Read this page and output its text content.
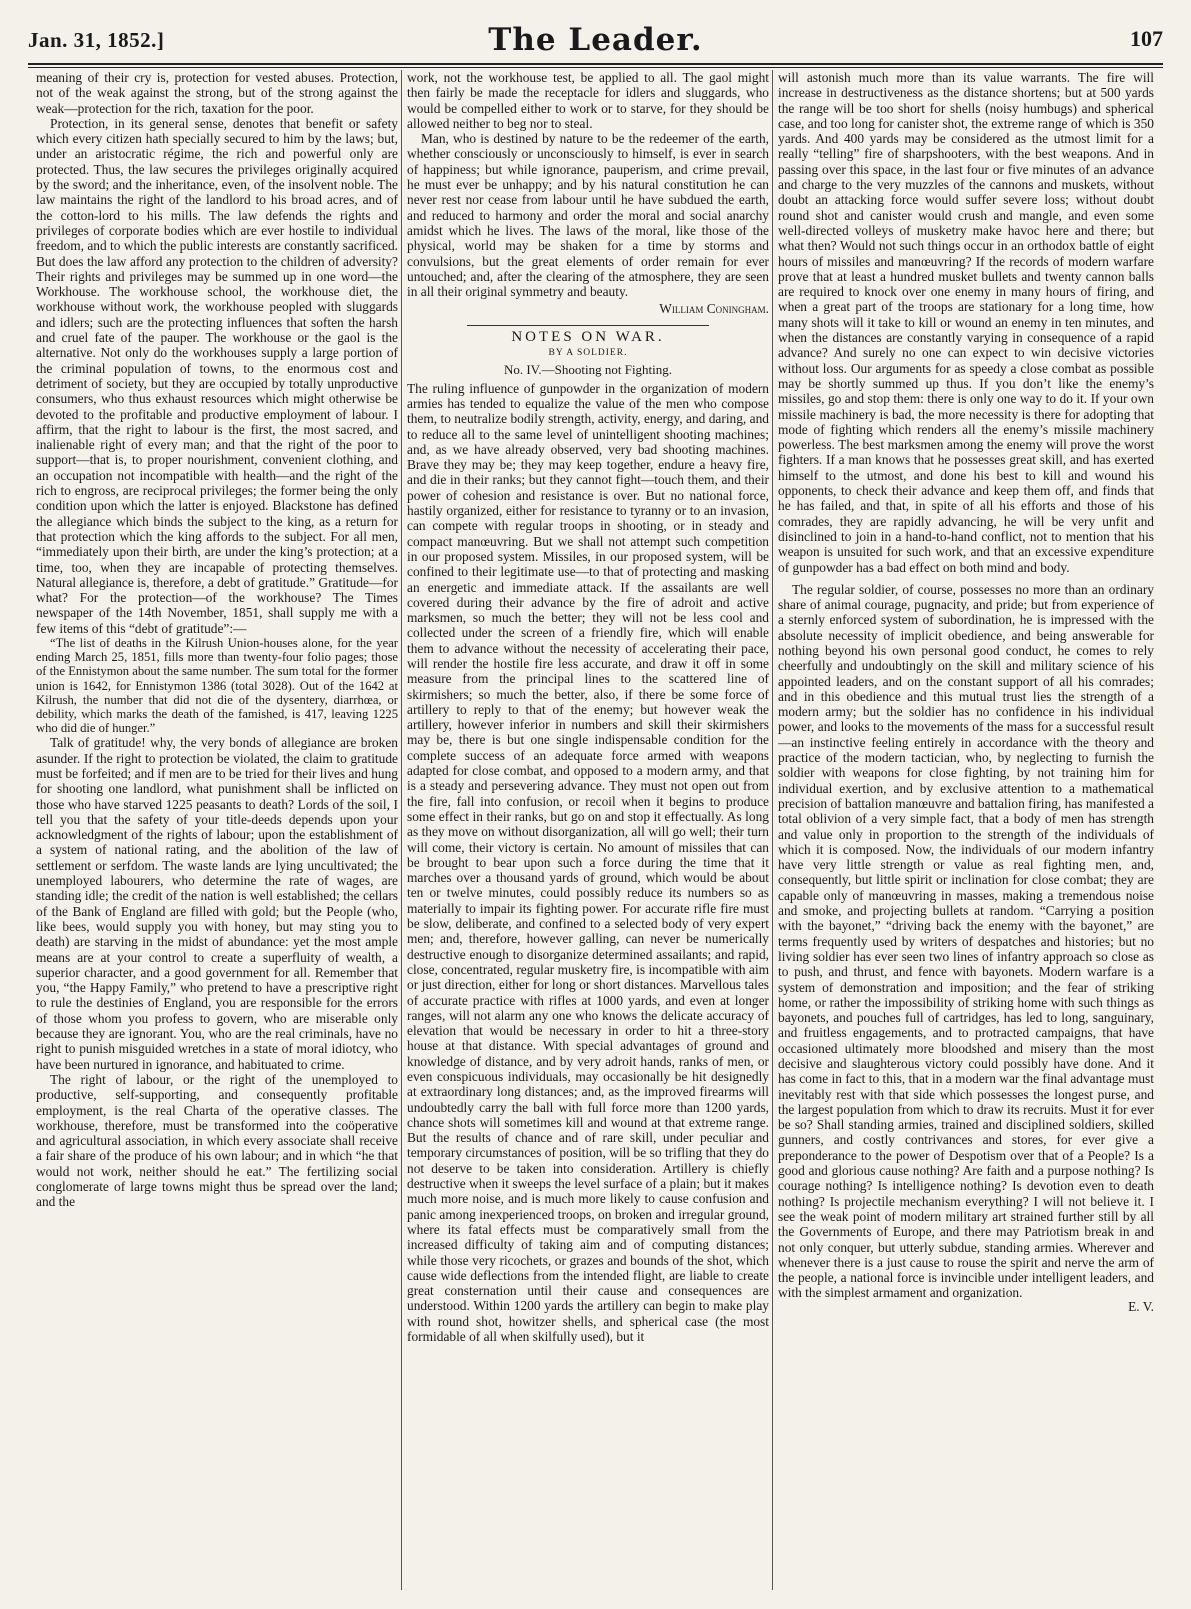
Jan. 31, 1852.]	The Leader.	107

meaning of their cry is, protection for vested abuses. Protection, not of the weak against the strong, but of the strong against the weak—protection for the rich, taxation for the poor.

Protection, in its general sense, denotes that benefit or safety which every citizen hath specially secured to him by the laws; but, under an aristocratic régime, the rich and powerful only are protected. Thus, the law secures the privileges originally acquired by the sword; and the inheritance, even, of the insolvent noble. The law maintains the right of the landlord to his broad acres, and of the cotton-lord to his mills. The law defends the rights and privileges of corporate bodies which are ever hostile to individual freedom, and to which the public interests are constantly sacrificed. But does the law afford any protection to the children of adversity? Their rights and privileges may be summed up in one word—the Workhouse. The workhouse school, the workhouse diet, the workhouse without work, the workhouse peopled with sluggards and idlers; such are the protecting influences that soften the harsh and cruel fate of the pauper. The workhouse or the gaol is the alternative. Not only do the workhouses supply a large portion of the criminal population of towns, to the enormous cost and detriment of society, but they are occupied by totally unproductive consumers, who thus exhaust resources which might otherwise be devoted to the profitable and productive employment of labour. I affirm, that the right to labour is the first, the most sacred, and inalienable right of every man; and that the right of the poor to support—that is, to proper nourishment, convenient clothing, and an occupation not incompatible with health—and the right of the rich to engross, are reciprocal privileges; the former being the only condition upon which the latter is enjoyed. Blackstone has defined the allegiance which binds the subject to the king, as a return for that protection which the king affords to the subject. For all men, “immediately upon their birth, are under the king’s protection; at a time, too, when they are incapable of protecting themselves. Natural allegiance is, therefore, a debt of gratitude.” Gratitude—for what? For the protection—of the workhouse? The Times newspaper of the 14th November, 1851, shall supply me with a few items of this “debt of gratitude”:—

“The list of deaths in the Kilrush Union-houses alone, for the year ending March 25, 1851, fills more than twenty-four folio pages; those of the Ennistymon about the same number. The sum total for the former union is 1642, for Ennistymon 1386 (total 3028). Out of the 1642 at Kilrush, the number that did not die of the dysentery, diarrhœa, or debility, which marks the death of the famished, is 417, leaving 1225 who did die of hunger.”

Talk of gratitude! why, the very bonds of allegiance are broken asunder. If the right to protection be violated, the claim to gratitude must be forfeited; and if men are to be tried for their lives and hung for shooting one landlord, what punishment shall be inflicted on those who have starved 1225 peasants to death? Lords of the soil, I tell you that the safety of your title-deeds depends upon your acknowledgment of the rights of labour; upon the establishment of a system of national rating, and the abolition of the law of settlement or serfdom. The waste lands are lying uncultivated; the unemployed labourers, who determine the rate of wages, are standing idle; the credit of the nation is well established; the cellars of the Bank of England are filled with gold; but the People (who, like bees, would supply you with honey, but may sting you to death) are starving in the midst of abundance: yet the most ample means are at your control to create a superfluity of wealth, a superior character, and a good government for all. Remember that you, “the Happy Family,” who pretend to have a prescriptive right to rule the destinies of England, you are responsible for the errors of those whom you profess to govern, who are miserable only because they are ignorant. You, who are the real criminals, have no right to punish misguided wretches in a state of moral idiotcy, who have been nurtured in ignorance, and habituated to crime.

The right of labour, or the right of the unemployed to productive, self-supporting, and consequently profitable employment, is the real Charta of the operative classes. The workhouse, therefore, must be transformed into the coöperative and agricultural association, in which every associate shall receive a fair share of the produce of his own labour; and in which “he that would not work, neither should he eat.” The fertilizing social conglomerate of large towns might thus be spread over the land; and the

work, not the workhouse test, be applied to all. The gaol might then fairly be made the receptacle for idlers and sluggards, who would be compelled either to work or to starve, for they should be allowed neither to beg nor to steal.

Man, who is destined by nature to be the redeemer of the earth, whether consciously or unconsciously to himself, is ever in search of happiness; but while ignorance, pauperism, and crime prevail, he must ever be unhappy; and by his natural constitution he can never rest nor cease from labour until he have subdued the earth, and reduced to harmony and order the moral and social anarchy amidst which he lives. The laws of the moral, like those of the physical, world may be shaken for a time by storms and convulsions, but the great elements of order remain for ever untouched; and, after the clearing of the atmosphere, they are seen in all their original symmetry and beauty.

William Coningham.
NOTES ON WAR.
BY A SOLDIER.
No. IV.—Shooting not Fighting.

The ruling influence of gunpowder in the organization of modern armies has tended to equalize the value of the men who compose them, to neutralize bodily strength, activity, energy, and daring, and to reduce all to the same level of unintelligent shooting machines; and, as we have already observed, very bad shooting machines. Brave they may be; they may keep together, endure a heavy fire, and die in their ranks; but they cannot fight—touch them, and their power of cohesion and resistance is over. But no national force, hastily organized, either for resistance to tyranny or to an invasion, can compete with regular troops in shooting, or in steady and compact manœuvring. But we shall not attempt such competition in our proposed system. Missiles, in our proposed system, will be confined to their legitimate use—to that of protecting and masking an energetic and immediate attack. If the assailants are well covered during their advance by the fire of adroit and active marksmen, so much the better; they will not be less cool and collected under the screen of a friendly fire, which will enable them to advance without the necessity of accelerating their pace, will render the hostile fire less accurate, and draw it off in some measure from the principal lines to the scattered line of skirmishers; so much the better, also, if there be some force of artillery to reply to that of the enemy; but however weak the artillery, however inferior in numbers and skill their skirmishers may be, there is but one single indispensable condition for the complete success of an adequate force armed with weapons adapted for close combat, and opposed to a modern army, and that is a steady and persevering advance. They must not open out from the fire, fall into confusion, or recoil when it begins to produce some effect in their ranks, but go on and stop it effectually. As long as they move on without disorganization, all will go well; their turn will come, their victory is certain. No amount of missiles that can be brought to bear upon such a force during the time that it marches over a thousand yards of ground, which would be about ten or twelve minutes, could possibly reduce its numbers so as materially to impair its fighting power. For accurate rifle fire must be slow, deliberate, and confined to a selected body of very expert men; and, therefore, however galling, can never be numerically destructive enough to disorganize determined assailants; and rapid, close, concentrated, regular musketry fire, is incompatible with aim or just direction, either for long or short distances. Marvellous tales of accurate practice with rifles at 1000 yards, and even at longer ranges, will not alarm any one who knows the delicate accuracy of elevation that would be necessary in order to hit a three-story house at that distance. With special advantages of ground and knowledge of distance, and by very adroit hands, ranks of men, or even conspicuous individuals, may occasionally be hit designedly at extraordinary long distances; and, as the improved firearms will undoubtedly carry the ball with full force more than 1200 yards, chance shots will sometimes kill and wound at that extreme range. But the results of chance and of rare skill, under peculiar and temporary circumstances of position, will be so trifling that they do not deserve to be taken into consideration. Artillery is chiefly destructive when it sweeps the level surface of a plain; but it makes much more noise, and is much more likely to cause confusion and panic among inexperienced troops, on broken and irregular ground, where its fatal effects must be comparatively small from the increased difficulty of taking aim and of computing distances; while those very ricochets, or grazes and bounds of the shot, which cause wide deflections from the intended flight, are liable to create great consternation until their cause and consequences are understood. Within 1200 yards the artillery can begin to make play with round shot, howitzer shells, and spherical case (the most formidable of all when skilfully used), but it

will astonish much more than its value warrants. The fire will increase in destructiveness as the distance shortens; but at 500 yards the range will be too short for shells (noisy humbugs) and spherical case, and too long for canister shot, the extreme range of which is 350 yards. And 400 yards may be considered as the utmost limit for a really “telling” fire of sharpshooters, with the best weapons. And in passing over this space, in the last four or five minutes of an advance and charge to the very muzzles of the cannons and muskets, without doubt an attacking force would suffer severe loss; without doubt round shot and canister would crush and mangle, and even some well-directed volleys of musketry make havoc here and there; but what then? Would not such things occur in an orthodox battle of eight hours of missiles and manœuvring? If the records of modern warfare prove that at least a hundred musket bullets and twenty cannon balls are required to knock over one enemy in many hours of firing, and when a great part of the troops are stationary for a long time, how many shots will it take to kill or wound an enemy in ten minutes, and when the distances are constantly varying in consequence of a rapid advance? And surely no one can expect to win decisive victories without loss. Our arguments for as speedy a close combat as possible may be shortly summed up thus. If you don’t like the enemy’s missiles, go and stop them: there is only one way to do it. If your own missile machinery is bad, the more necessity is there for adopting that mode of fighting which renders all the enemy’s missile machinery powerless. The best marksmen among the enemy will prove the worst fighters. If a man knows that he possesses great skill, and has exerted himself to the utmost, and done his best to kill and wound his opponents, to check their advance and keep them off, and finds that he has failed, and that, in spite of all his efforts and those of his comrades, they are rapidly advancing, he will be very unfit and disinclined to join in a hand-to-hand conflict, not to mention that his weapon is unsuited for such work, and that an excessive expenditure of gunpowder has a bad effect on both mind and body.

The regular soldier, of course, possesses no more than an ordinary share of animal courage, pugnacity, and pride; but from experience of a sternly enforced system of subordination, he is impressed with the absolute necessity of implicit obedience, and being answerable for nothing beyond his own personal good conduct, he comes to rely cheerfully and undoubtingly on the skill and military science of his appointed leaders, and on the constant support of all his comrades; and in this obedience and this mutual trust lies the strength of a modern army; but the soldier has no confidence in his individual power, and looks to the movements of the mass for a successful result—an instinctive feeling entirely in accordance with the theory and practice of the modern tactician, who, by neglecting to furnish the soldier with weapons for close fighting, by not training him for individual exertion, and by exclusive attention to a mathematical precision of battalion manœuvre and battalion firing, has manifested a total oblivion of a very simple fact, that a body of men has strength and value only in proportion to the strength of the individuals of which it is composed. Now, the individuals of our modern infantry have very little strength or value as real fighting men, and, consequently, but little spirit or inclination for close combat; they are capable only of manœuvring in masses, making a tremendous noise and smoke, and projecting bullets at random. “Carrying a position with the bayonet,” “driving back the enemy with the bayonet,” are terms frequently used by writers of despatches and histories; but no living soldier has ever seen two lines of infantry approach so close as to push, and thrust, and fence with bayonets. Modern warfare is a system of demonstration and imposition; and the fear of striking home, or rather the impossibility of striking home with such things as bayonets, and pouches full of cartridges, has led to long, sanguinary, and fruitless engagements, and to protracted campaigns, that have occasioned ultimately more bloodshed and misery than the most decisive and slaughterous victory could possibly have done. And it has come in fact to this, that in a modern war the final advantage must inevitably rest with that side which possesses the longest purse, and the largest population from which to draw its recruits. Must it for ever be so? Shall standing armies, trained and disciplined soldiers, skilled gunners, and costly contrivances and stores, for ever give a preponderance to the power of Despotism over that of a People? Is a good and glorious cause nothing? Are faith and a purpose nothing? Is courage nothing? Is intelligence nothing? Is devotion even to death nothing? Is projectile mechanism everything? I will not believe it. I see the weak point of modern military art strained further still by all the Governments of Europe, and there may Patriotism break in and not only conquer, but utterly subdue, standing armies. Wherever and whenever there is a just cause to rouse the spirit and nerve the arm of the people, a national force is invincible under intelligent leaders, and with the simplest armament and organization.

E. V.
